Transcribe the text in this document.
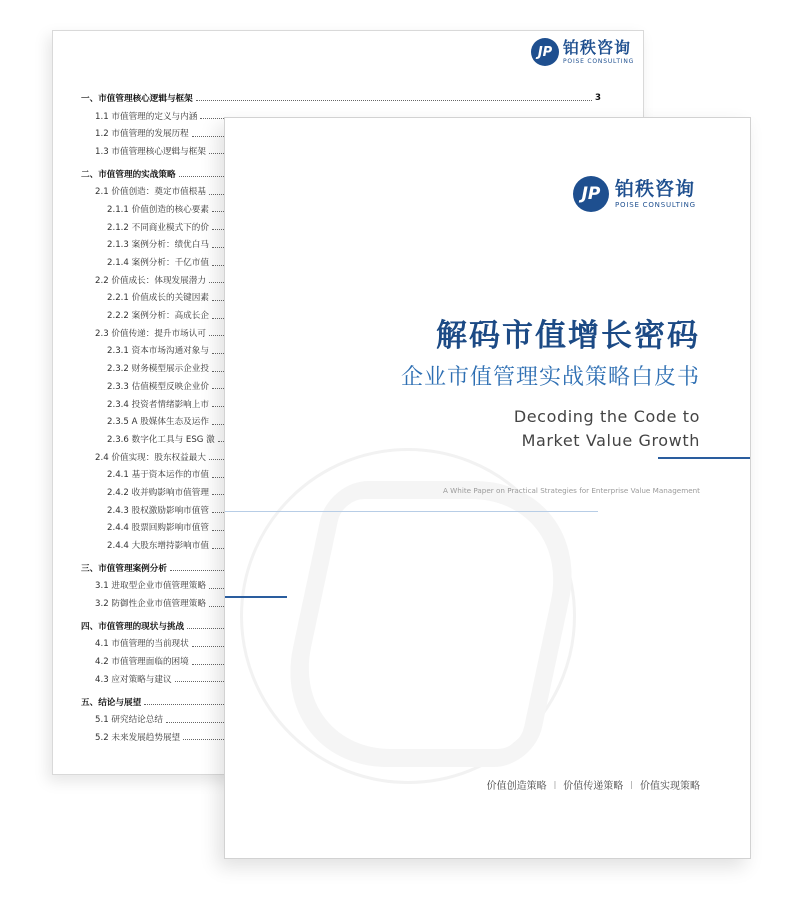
JP 铂秩咨询
POISE CONSULTING
一、市值管理核心逻辑与框架	3
1.1 市值管理的定义与内涵
1.2 市值管理的发展历程
1.3 市值管理核心逻辑与框架
二、市值管理的实战策略
2.1 价值创造：奠定市值根基
2.1.1 价值创造的核心要素
2.1.2 不同商业模式下的价
2.1.3 案例分析：绩优白马
2.1.4 案例分析：千亿市值
2.2 价值成长：体现发展潜力
2.2.1 价值成长的关键因素
2.2.2 案例分析：高成长企
2.3 价值传递：提升市场认可
2.3.1 资本市场沟通对象与
2.3.2 财务模型展示企业投
2.3.3 估值模型反映企业价
2.3.4 投资者情绪影响上市
2.3.5 A 股媒体生态及运作
2.3.6 数字化工具与 ESG 激
2.4 价值实现：股东权益最大
2.4.1 基于资本运作的市值
2.4.2 收并购影响市值管理
2.4.3 股权激励影响市值管
2.4.4 股票回购影响市值管
2.4.4 大股东增持影响市值
三、市值管理案例分析
3.1 进取型企业市值管理策略
3.2 防御性企业市值管理策略
四、市值管理的现状与挑战
4.1 市值管理的当前现状
4.2 市值管理面临的困境
4.3 应对策略与建议
五、结论与展望
5.1 研究结论总结
5.2 未来发展趋势展望
JP 铂秩咨询
POISE CONSULTING
解码市值增长密码
企业市值管理实战策略白皮书
Decoding the Code to
Market Value Growth
A White Paper on Practical Strategies for Enterprise Value Management
价值创造策略 | 价值传递策略 | 价值实现策略
